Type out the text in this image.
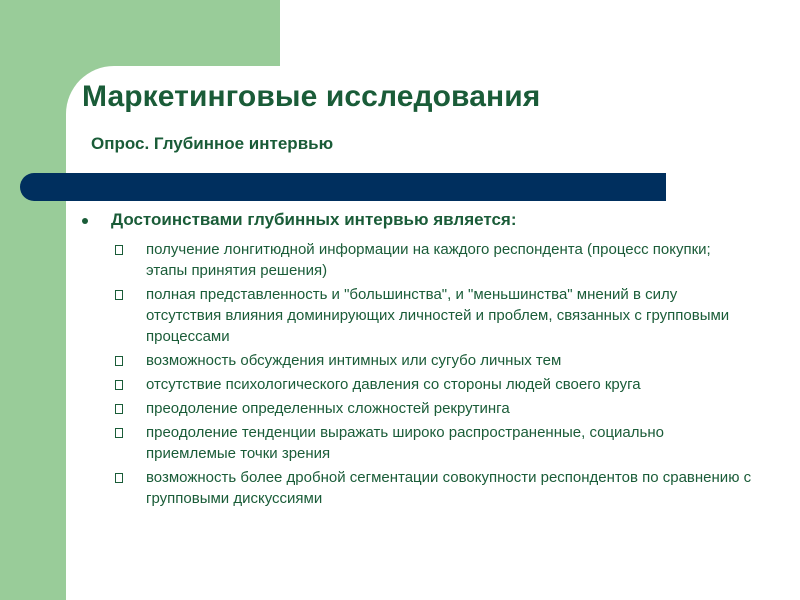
Маркетинговые исследования
Опрос. Глубинное интервью
Достоинствами глубинных интервью является:
получение лонгитюдной информации на каждого респондента (процесс покупки; этапы принятия решения)
полная представленность и "большинства", и "меньшинства" мнений в силу отсутствия влияния доминирующих личностей и проблем, связанных с групповыми процессами
возможность обсуждения интимных или сугубо личных тем
отсутствие психологического давления со стороны людей своего круга
преодоление определенных сложностей рекрутинга
преодоление тенденции выражать широко распространенные, социально приемлемые точки зрения
возможность более дробной сегментации совокупности респондентов по сравнению с групповыми дискуссиями
